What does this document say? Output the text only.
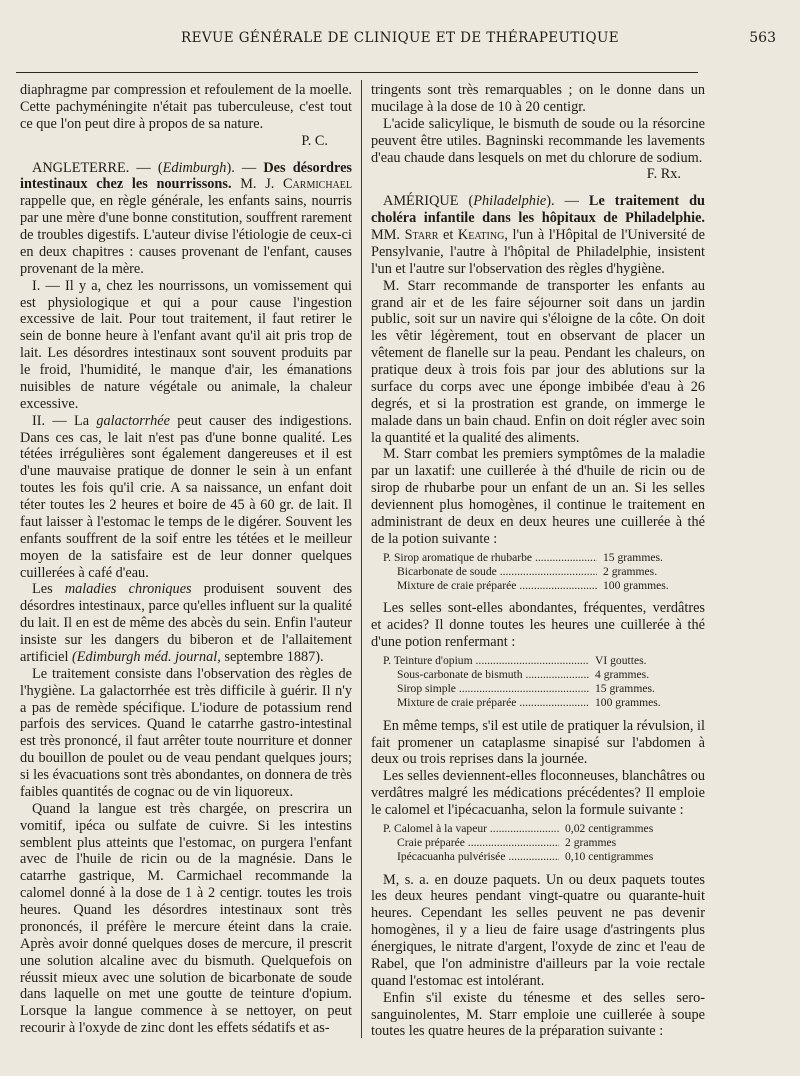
REVUE GÉNÉRALE DE CLINIQUE ET DE THÉRAPEUTIQUE	563

diaphragme par compression et refoulement de la moelle. Cette pachyméningite n'était pas tuberculeuse, c'est tout ce que l'on peut dire à propos de sa nature.

P. C.

ANGLETERRE. — (Edimburgh). — Des désordres intestinaux chez les nourrissons. M. J. Carmichael rappelle que, en règle générale, les enfants sains, nourris par une mère d'une bonne constitution, souffrent rarement de troubles digestifs. L'auteur divise l'étiologie de ceux-ci en deux chapitres : causes provenant de l'enfant, causes provenant de la mère.

I. — Il y a, chez les nourrissons, un vomissement qui est physiologique et qui a pour cause l'ingestion excessive de lait. Pour tout traitement, il faut retirer le sein de bonne heure à l'enfant avant qu'il ait pris trop de lait. Les désordres intestinaux sont souvent produits par le froid, l'humidité, le manque d'air, les émanations nuisibles de nature végétale ou animale, la chaleur excessive.

II. — La galactorrhée peut causer des indigestions. Dans ces cas, le lait n'est pas d'une bonne qualité. Les tétées irrégulières sont également dangereuses et il est d'une mauvaise pratique de donner le sein à un enfant toutes les fois qu'il crie. A sa naissance, un enfant doit téter toutes les 2 heures et boire de 45 à 60 gr. de lait. Il faut laisser à l'estomac le temps de le digérer. Souvent les enfants souffrent de la soif entre les tétées et le meilleur moyen de la satisfaire est de leur donner quelques cuillerées à café d'eau.

Les maladies chroniques produisent souvent des désordres intestinaux, parce qu'elles influent sur la qualité du lait. Il en est de même des abcès du sein. Enfin l'auteur insiste sur les dangers du biberon et de l'allaitement artificiel (Edimburgh méd. journal, septembre 1887).

Le traitement consiste dans l'observation des règles de l'hygiène. La galactorrhée est très difficile à guérir. Il n'y a pas de remède spécifique. L'iodure de potassium rend parfois des services. Quand le catarrhe gastro-intestinal est très prononcé, il faut arrêter toute nourriture et donner du bouillon de poulet ou de veau pendant quelques jours; si les évacuations sont très abondantes, on donnera de très faibles quantités de cognac ou de vin liquoreux.

Quand la langue est très chargée, on prescrira un vomitif, ipéca ou sulfate de cuivre. Si les intestins semblent plus atteints que l'estomac, on purgera l'enfant avec de l'huile de ricin ou de la magnésie. Dans le catarrhe gastrique, M. Carmichael recommande la calomel donné à la dose de 1 à 2 centigr. toutes les trois heures. Quand les désordres intestinaux sont très prononcés, il préfère le mercure éteint dans la craie. Après avoir donné quelques doses de mercure, il prescrit une solution alcaline avec du bismuth. Quelquefois on réussit mieux avec une solution de bicarbonate de soude dans laquelle on met une goutte de teinture d'opium. Lorsque la langue commence à se nettoyer, on peut recourir à l'oxyde de zinc dont les effets sédatifs et as-

tringents sont très remarquables ; on le donne dans un mucilage à la dose de 10 à 20 centigr.

L'acide salicylique, le bismuth de soude ou la résorcine peuvent être utiles. Bagninski recommande les lavements d'eau chaude dans lesquels on met du chlorure de sodium.

F. Rx.

AMÉRIQUE (Philadelphie). — Le traitement du choléra infantile dans les hôpitaux de Philadelphie. MM. Starr et Keating, l'un à l'Hôpital de l'Université de Pensylvanie, l'autre à l'hôpital de Philadelphie, insistent l'un et l'autre sur l'observation des règles d'hygiène.

M. Starr recommande de transporter les enfants au grand air et de les faire séjourner soit dans un jardin public, soit sur un navire qui s'éloigne de la côte. On doit les vêtir légèrement, tout en observant de placer un vêtement de flanelle sur la peau. Pendant les chaleurs, on pratique deux à trois fois par jour des ablutions sur la surface du corps avec une éponge imbibée d'eau à 26 degrés, et si la prostration est grande, on immerge le malade dans un bain chaud. Enfin on doit régler avec soin la quantité et la qualité des aliments.

M. Starr combat les premiers symptômes de la maladie par un laxatif: une cuillerée à thé d'huile de ricin ou de sirop de rhubarbe pour un enfant de un an. Si les selles deviennent plus homogènes, il continue le traitement en administrant de deux en deux heures une cuillerée à thé de la potion suivante :

P. Sirop aromatique de rhubarbe .....	15 grammes.
Bicarbonate de soude .....	2 grammes.
Mixture de craie préparée .....	100 grammes.

Les selles sont-elles abondantes, fréquentes, verdâtres et acides? Il donne toutes les heures une cuillerée à thé d'une potion renfermant :

P. Teinture d'opium .....	VI gouttes.
Sous-carbonate de bismuth .....	4 grammes.
Sirop simple .....	15 grammes.
Mixture de craie préparée .....	100 grammes.

En même temps, s'il est utile de pratiquer la révulsion, il fait promener un cataplasme sinapisé sur l'abdomen à deux ou trois reprises dans la journée.

Les selles deviennent-elles floconneuses, blanchâtres ou verdâtres malgré les médications précédentes? Il emploie le calomel et l'ipécacuanha, selon la formule suivante :

P. Calomel à la vapeur .....	0,02 centigrammes
Craie préparée .....	2 grammes
Ipécacuanha pulvérisée .....	0,10 centigrammes

M, s. a. en douze paquets. Un ou deux paquets toutes les deux heures pendant vingt-quatre ou quarante-huit heures. Cependant les selles peuvent ne pas devenir homogènes, il y a lieu de faire usage d'astringents plus énergiques, le nitrate d'argent, l'oxyde de zinc et l'eau de Rabel, que l'on administre d'ailleurs par la voie rectale quand l'estomac est intolérant.

Enfin s'il existe du ténesme et des selles sero-sanguinolentes, M. Starr emploie une cuillerée à soupe toutes les quatre heures de la préparation suivante :
